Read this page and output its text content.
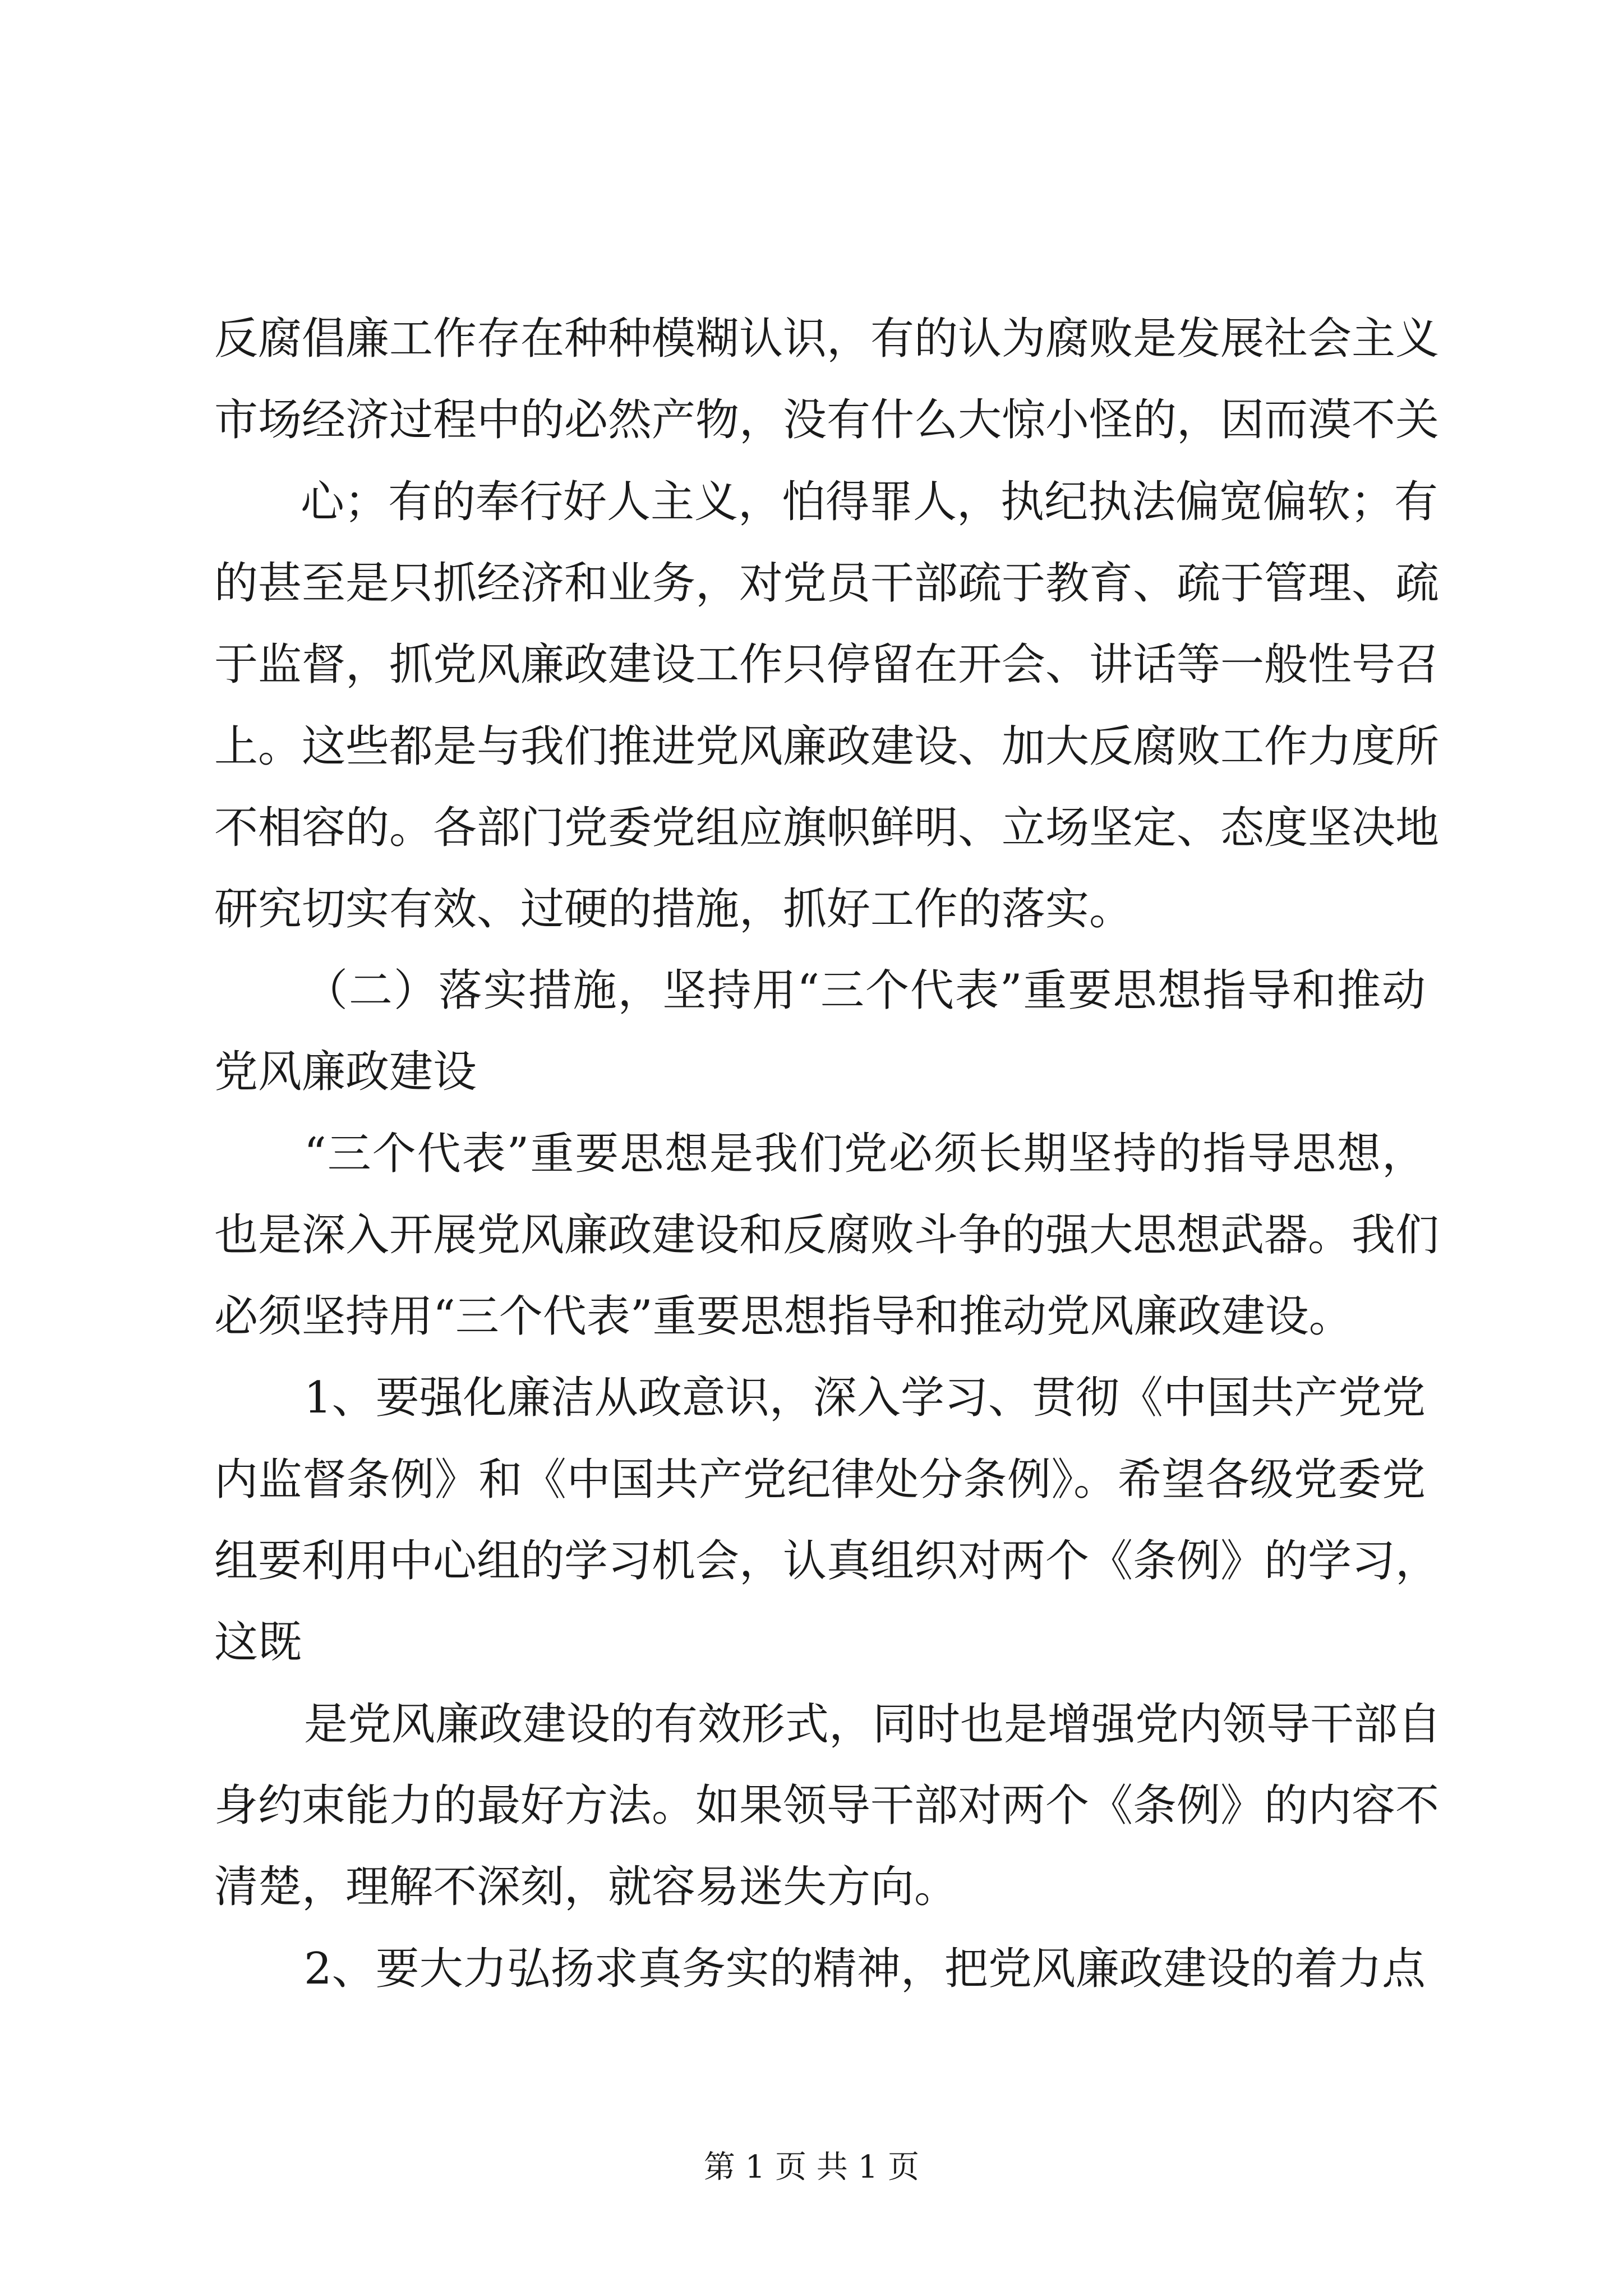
反腐倡廉工作存在种种模糊认识，有的认为腐败是发展社会主义

市场经济过程中的必然产物，没有什么大惊小怪的，因而漠不关

心；有的奉行好人主义，怕得罪人，执纪执法偏宽偏软；有

的甚至是只抓经济和业务，对党员干部疏于教育、疏于管理、疏

于监督，抓党风廉政建设工作只停留在开会、讲话等一般性号召

上。这些都是与我们推进党风廉政建设、加大反腐败工作力度所

不相容的。各部门党委党组应旗帜鲜明、立场坚定、态度坚决地

研究切实有效、过硬的措施，抓好工作的落实。

（二）落实措施，坚持用“三个代表”重要思想指导和推动

党风廉政建设

“三个代表”重要思想是我们党必须长期坚持的指导思想，

也是深入开展党风廉政建设和反腐败斗争的强大思想武器。我们

必须坚持用“三个代表”重要思想指导和推动党风廉政建设。

1、要强化廉洁从政意识，深入学习、贯彻《中国共产党党

内监督条例》和《中国共产党纪律处分条例》。希望各级党委党

组要利用中心组的学习机会，认真组织对两个《条例》的学习，

这既

是党风廉政建设的有效形式，同时也是增强党内领导干部自

身约束能力的最好方法。如果领导干部对两个《条例》的内容不

清楚，理解不深刻，就容易迷失方向。

2、要大力弘扬求真务实的精神，把党风廉政建设的着力点

第 1 页 共 1 页
